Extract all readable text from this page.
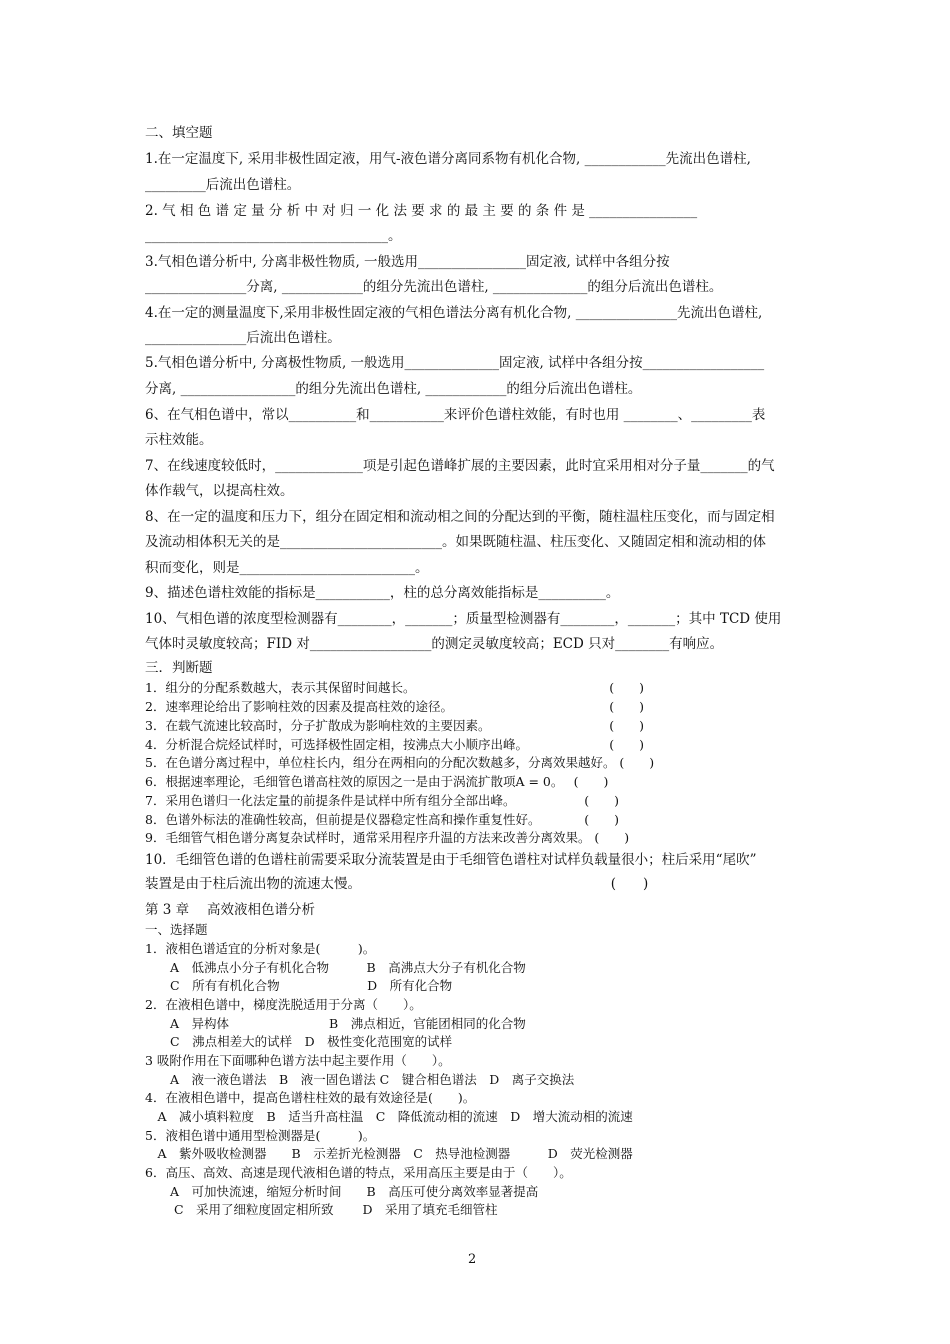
二、填空题
1.在一定温度下, 采用非极性固定液，用气-液色谱分离同系物有机化合物, ____________先流出色谱柱,
_________后流出色谱柱。
2. 气 相 色 谱 定 量 分 析 中 对 归 一 化 法 要 求 的 最 主 要 的 条 件 是 ________________
____________________________________。
3.气相色谱分析中, 分离非极性物质, 一般选用________________固定液, 试样中各组分按
_______________分离, ____________的组分先流出色谱柱, ______________的组分后流出色谱柱。
4.在一定的测量温度下,采用非极性固定液的气相色谱法分离有机化合物, _______________先流出色谱柱,
_______________后流出色谱柱。
5.气相色谱分析中, 分离极性物质, 一般选用______________固定液, 试样中各组分按__________________
分离, _________________的组分先流出色谱柱, ____________的组分后流出色谱柱。
6、在气相色谱中，常以__________和___________来评价色谱柱效能，有时也用 ________、_________表
示柱效能。
7、在线速度较低时，_____________项是引起色谱峰扩展的主要因素，此时宜采用相对分子量_______的气
体作载气，以提高柱效。
8、在一定的温度和压力下，组分在固定相和流动相之间的分配达到的平衡，随柱温柱压变化，而与固定相
及流动相体积无关的是________________________。如果既随柱温、柱压变化、又随固定相和流动相的体
积而变化，则是__________________________。
9、描述色谱柱效能的指标是___________，柱的总分离效能指标是__________。
10、气相色谱的浓度型检测器有________，_______；质量型检测器有________，_______；其中 TCD 使用
气体时灵敏度较高；FID 对__________________的测定灵敏度较高；ECD 只对________有响应。
三．判断题
1．组分的分配系数越大，表示其保留时间越长。　　　　　　　　　　　　　　　　(　　)
2．速率理论给出了影响柱效的因素及提高柱效的途径。　　　　　　　　　　　　　(　　)
3．在载气流速比较高时，分子扩散成为影响柱效的主要因素。　　　　　　　　　　(　　)
4．分析混合烷烃试样时，可选择极性固定相，按沸点大小顺序出峰。　　　　　　　(　　)
5．在色谱分离过程中，单位柱长内，组分在两相向的分配次数越多，分离效果越好。 (　　)
6．根据速率理论，毛细管色谱高柱效的原因之一是由于涡流扩散项A = 0。　 (　　)
7．采用色谱归一化法定量的前提条件是试样中所有组分全部出峰。　　　　　　(　　)
8．色谱外标法的准确性较高，但前提是仪器稳定性高和操作重复性好。　　　　(　　)
9．毛细管气相色谱分离复杂试样时，通常采用程序升温的方法来改善分离效果。 (　　)
10．毛细管色谱的色谱柱前需要采取分流装置是由于毛细管色谱柱对试样负载量很小；柱后采用“尾吹”
装置是由于柱后流出物的流速太慢。　　　　　　　　　　　　　　　　　　　(　　)
第 3 章　 高效液相色谱分析
一、选择题
1．液相色谱适宜的分析对象是(　　　)。
　　A　低沸点小分子有机化合物　　　B　高沸点大分子有机化合物
　　C　所有有机化合物　　　　　　　D　所有化合物
2．在液相色谱中，梯度洗脱适用于分离（　　）。
　　A　异构体　　　　　　　　B　沸点相近，官能团相同的化合物
　　C　沸点相差大的试样　D　极性变化范围宽的试样
3 吸附作用在下面哪种色谱方法中起主要作用（　　）。
　　A　液一液色谱法　B　液一固色谱法 C　键合相色谱法　D　离子交换法
4．在液相色谱中，提高色谱柱柱效的最有效途径是(　　)。
　A　减小填料粒度　B　适当升高柱温　C　降低流动相的流速　D　增大流动相的流速
5．液相色谱中通用型检测器是(　　　)。
　A　紫外吸收检测器　　B　示差折光检测器　C　热导池检测器　　　D　荧光检测器
6．高压、高效、高速是现代液相色谱的特点，采用高压主要是由于（　　）。
　　A　可加快流速，缩短分析时间　　B　高压可使分离效率显著提高
　　 C　采用了细粒度固定相所致　　 D　采用了填充毛细管柱
2
